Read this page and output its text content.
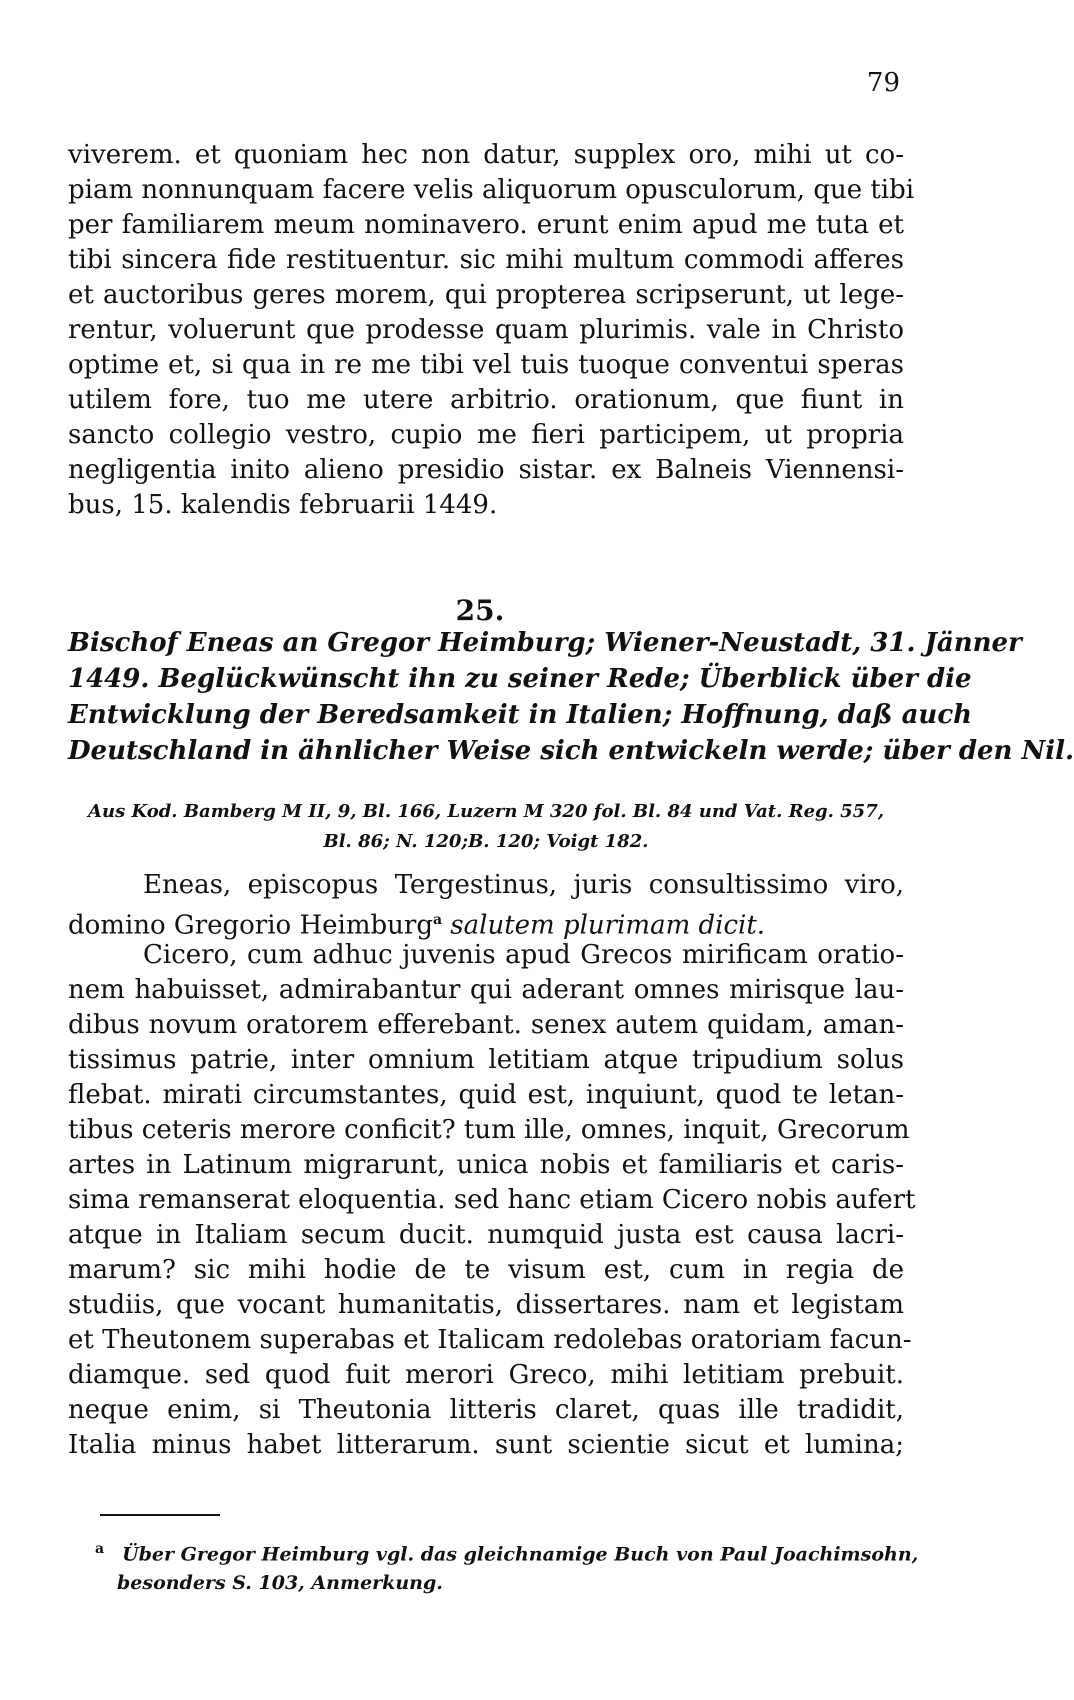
79
viverem. et quoniam hec non datur, supplex oro, mihi ut co-
piam nonnunquam facere velis aliquorum opusculorum, que tibi
per familiarem meum nominavero. erunt enim apud me tuta et
tibi sincera fide restituentur. sic mihi multum commodi afferes
et auctoribus geres morem, qui propterea scripserunt, ut lege-
rentur, voluerunt que prodesse quam plurimis. vale in Christo
optime et, si qua in re me tibi vel tuis tuoque conventui speras
utilem fore, tuo me utere arbitrio. orationum, que fiunt in
sancto collegio vestro, cupio me fieri participem, ut propria
negligentia inito alieno presidio sistar. ex Balneis Viennensi-
bus, 15. kalendis februarii 1449.
25.
Bischof Eneas an Gregor Heimburg; Wiener-Neustadt, 31. Jänner
1449. Beglückwünscht ihn zu seiner Rede; Überblick über die
Entwicklung der Beredsamkeit in Italien; Hoffnung, daß auch
Deutschland in ähnlicher Weise sich entwickeln werde; über den Nil.
Aus Kod. Bamberg M II, 9, Bl. 166, Luzern M 320 fol. Bl. 84 und Vat. Reg. 557,
Bl. 86; N. 120;B. 120; Voigt 182.
Eneas, episcopus Tergestinus, juris consultissimo viro,
domino Gregorio Heimburg$^a$ salutem plurimam dicit.
Cicero, cum adhuc juvenis apud Grecos mirificam oratio-
nem habuisset, admirabantur qui aderant omnes mirisque lau-
dibus novum oratorem efferebant. senex autem quidam, aman-
tissimus patrie, inter omnium letitiam atque tripudium solus
flebat. mirati circumstantes, quid est, inquiunt, quod te letan-
tibus ceteris merore conficit? tum ille, omnes, inquit, Grecorum
artes in Latinum migrarunt, unica nobis et familiaris et caris-
sima remanserat eloquentia. sed hanc etiam Cicero nobis aufert
atque in Italiam secum ducit. numquid justa est causa lacri-
marum? sic mihi hodie de te visum est, cum in regia de
studiis, que vocant humanitatis, dissertares. nam et legistam
et Theutonem superabas et Italicam redolebas oratoriam facun-
diamque. sed quod fuit merori Greco, mihi letitiam prebuit.
neque enim, si Theutonia litteris claret, quas ille tradidit,
Italia minus habet litterarum. sunt scientie sicut et lumina;
$^a$ Über Gregor Heimburg vgl. das gleichnamige Buch von Paul Joachimsohn,
besonders S. 103, Anmerkung.
